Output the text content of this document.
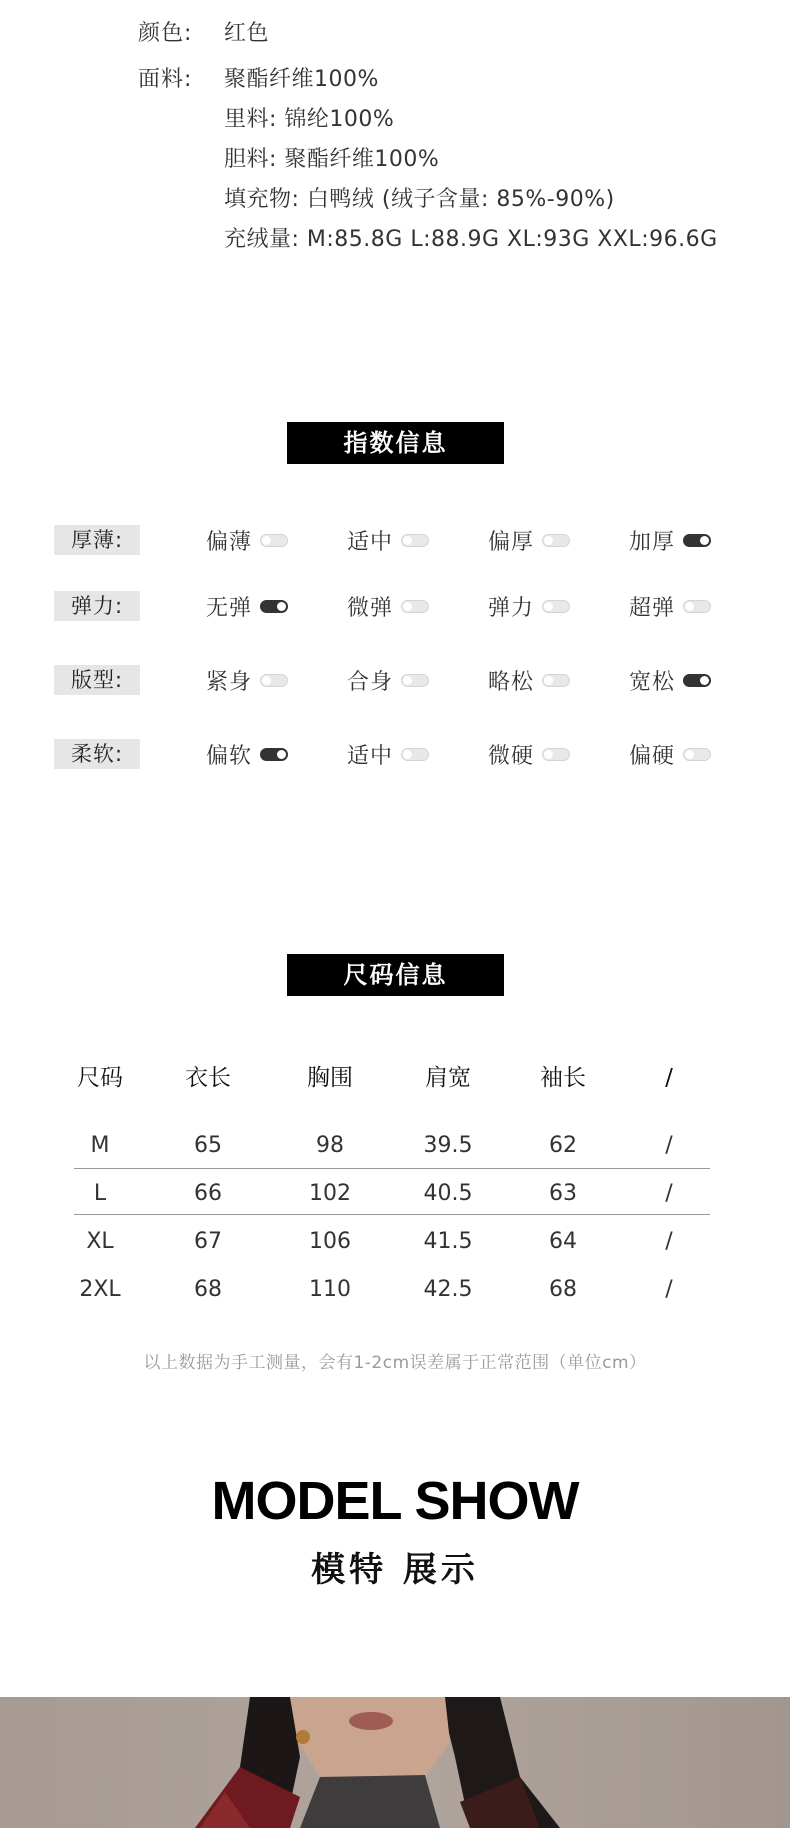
颜色: 红色
面料: 聚酯纤维100%
里料: 锦纶100%
胆料: 聚酯纤维100%
填充物: 白鸭绒 (绒子含量: 85%-90%)
充绒量: M:85.8G L:88.9G XL:93G XXL:96.6G
指数信息
厚薄:	偏薄	适中	偏厚	加厚
弹力:	无弹	微弹	弹力	超弹
版型:	紧身	合身	略松	宽松
柔软:	偏软	适中	微硬	偏硬
尺码信息
尺码	衣长	胸围	肩宽	袖长	/
M	65	98	39.5	62	/
L	66	102	40.5	63	/
XL	67	106	41.5	64	/
2XL	68	110	42.5	68	/
以上数据为手工测量，会有1-2cm误差属于正常范围（单位cm）
MODEL SHOW
模特 展示
